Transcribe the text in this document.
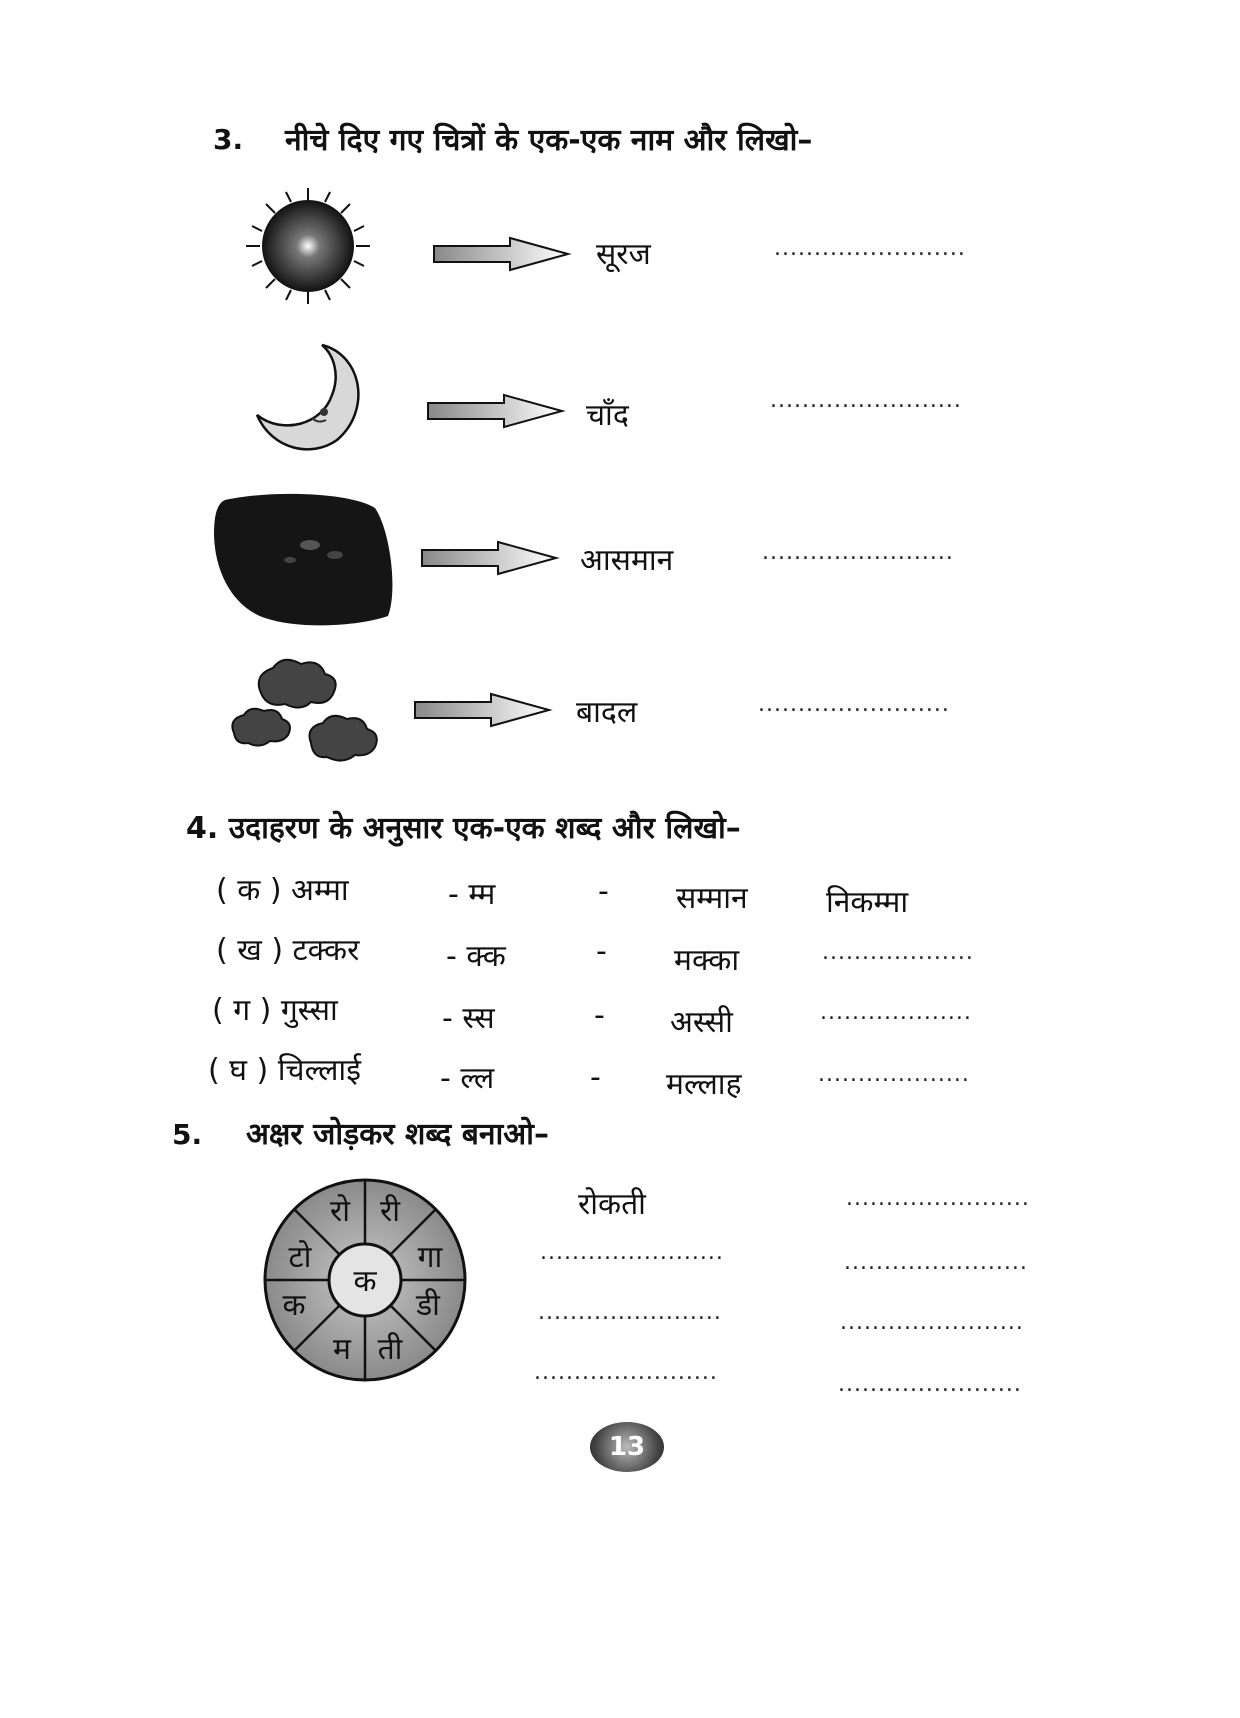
3. नीचे दिए गए चित्रों के एक-एक नाम और लिखो–
सूरज	........................
चाँद	........................
आसमान	........................
बादल	........................
4. उदाहरण के अनुसार एक-एक शब्द और लिखो–
( क ) अम्मा	- म्म	- सम्मान	निकम्मा
( ख ) टक्कर	- क्क	- मक्का	...................
( ग ) गुस्सा	- स्स	- अस्सी	...................
( घ ) चिल्लाई	- ल्ल	- मल्लाह	...................
5. अक्षर जोड़कर शब्द बनाओ–
क
रो री
गा
डी
ती
म
क
टो
रोकती	.......................
.......................	.......................
.......................	.......................
.......................	.......................
13
